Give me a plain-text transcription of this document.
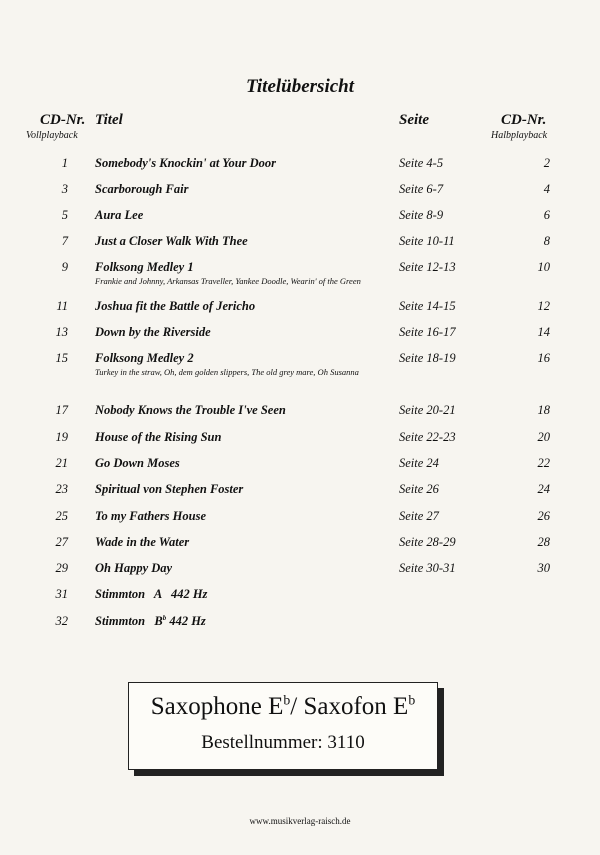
Titelübersicht
CD-Nr.
Vollplayback
Titel	Seite	CD-Nr.
Halbplayback
1 Somebody's Knockin' at Your Door	Seite 4-5	2
3 Scarborough Fair	Seite 6-7	4
5 Aura Lee	Seite 8-9	6
7 Just a Closer Walk With Thee	Seite 10-11	8
9 Folksong Medley 1	Seite 12-13	10
Frankie and Johnny, Arkansas Traveller, Yankee Doodle, Wearin' of the Green
11 Joshua fit the Battle of Jericho	Seite 14-15	12
13 Down by the Riverside	Seite 16-17	14
15 Folksong Medley 2	Seite 18-19	16
Turkey in the straw, Oh, dem golden slippers, The old grey mare, Oh Susanna
17 Nobody Knows the Trouble I've Seen	Seite 20-21	18
19 House of the Rising Sun	Seite 22-23	20
21 Go Down Moses	Seite 24	22
23 Spiritual von Stephen Foster	Seite 26	24
25 To my Fathers House	Seite 27	26
27 Wade in the Water	Seite 28-29	28
29 Oh Happy Day	Seite 30-31	30
31 Stimmton   A   442 Hz
32 Stimmton $B^b$ 442 Hz
Saxophone $E^b/$ Saxofon $E^b$
Bestellnummer: 3110
www.musikverlag-raisch.de
